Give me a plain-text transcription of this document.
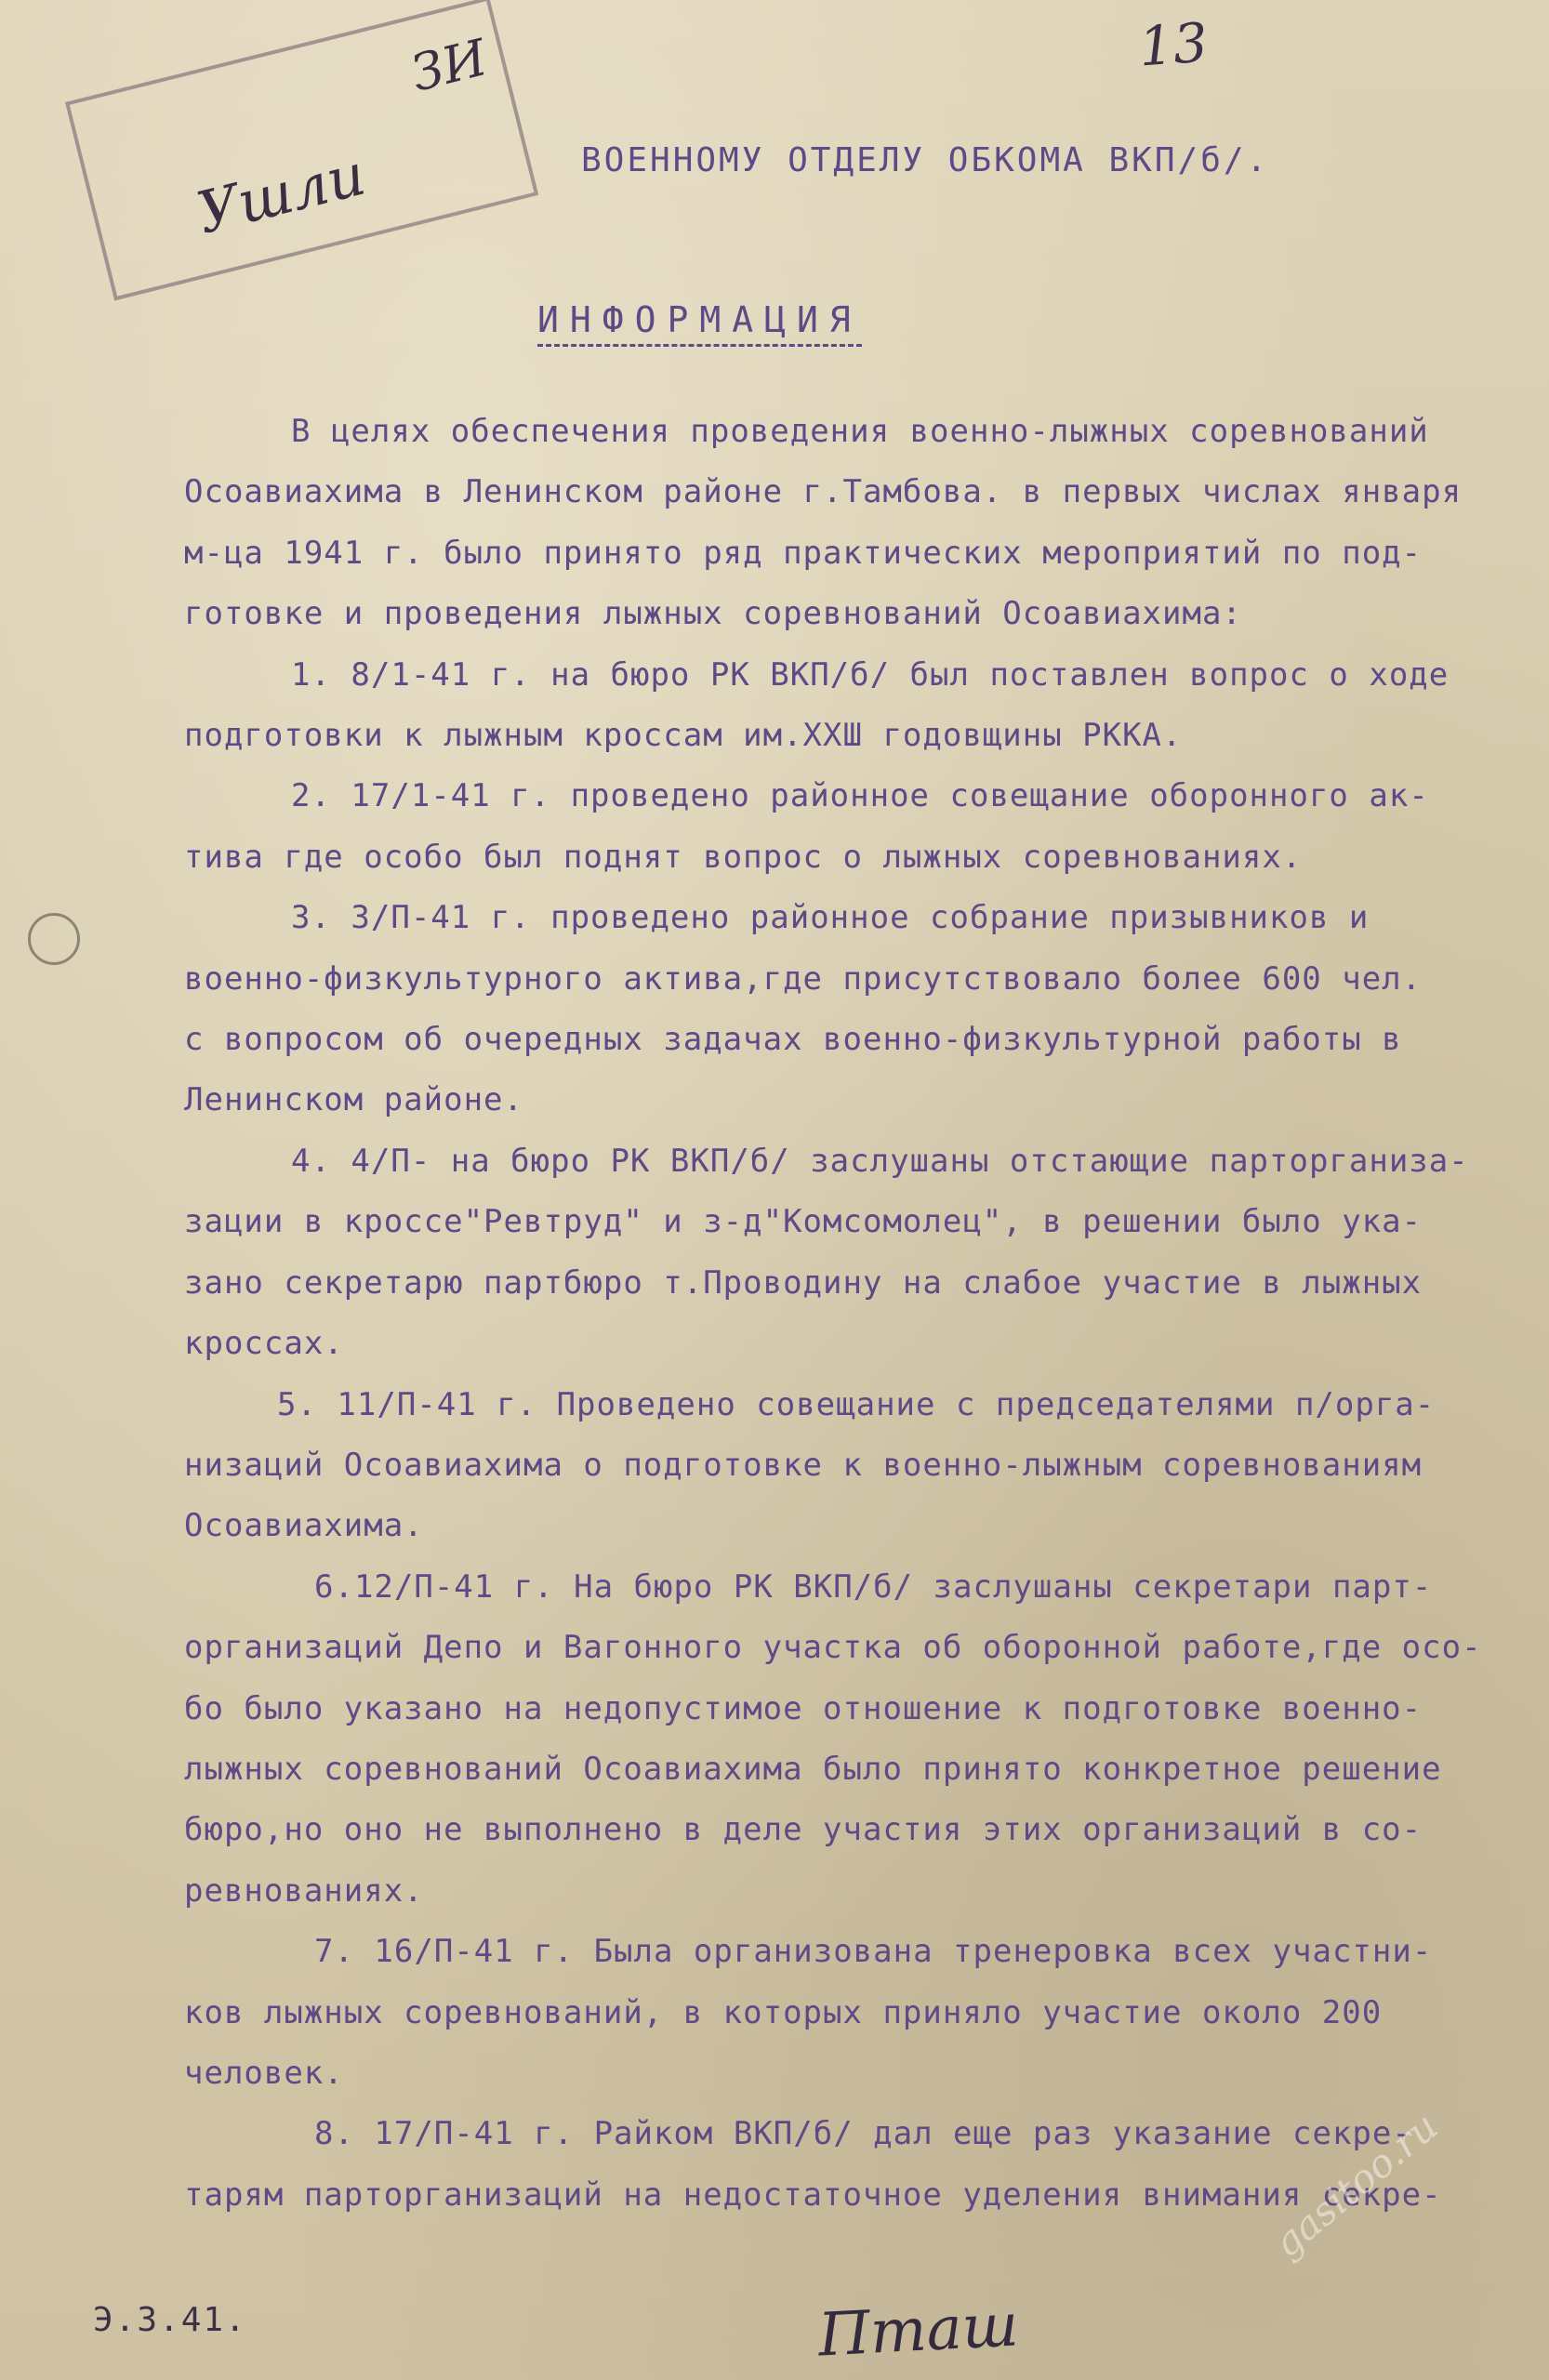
13
ЗИ
Ушли	ВОЕННОМУ ОТДЕЛУ ОБКОМА ВКП/б/.
ИНФОРМАЦИЯ
В целях обеспечения проведения военно-лыжных соревнований
Осоавиахима в Ленинском районе г.Тамбова. в первых числах января
м-ца 1941 г. было принято ряд практических мероприятий по под-
готовке и проведения лыжных соревнований Осоавиахима:
1. 8/1-41 г. на бюро РК ВКП/б/ был поставлен вопрос о ходе
подготовки к лыжным кроссам им.ХХШ годовщины РККА.
2. 17/1-41 г. проведено районное совещание оборонного ак-
тива где особо был поднят вопрос о лыжных соревнованиях.
3. 3/П-41 г. проведено районное собрание призывников и
военно-физкультурного актива,где присутствовало более 600 чел.
с вопросом об очередных задачах военно-физкультурной работы в
Ленинском районе.
4. 4/П- на бюро РК ВКП/б/ заслушаны отстающие парторганиза-
зации в кроссе"Ревтруд" и з-д"Комсомолец", в решении было ука-
зано секретарю партбюро т.Проводину на слабое участие в лыжных
кроссах.
5. 11/П-41 г. Проведено совещание с председателями п/орга-
низаций Осоавиахима о подготовке к военно-лыжным соревнованиям
Осоавиахима.
6.12/П-41 г. На бюро РК ВКП/б/ заслушаны секретари парт-
организаций Депо и Вагонного участка об оборонной работе,где осо-
бо было указано на недопустимое отношение к подготовке военно-
лыжных соревнований Осоавиахима было принято конкретное решение
бюро,но оно не выполнено в деле участия этих организаций в со-
ревнованиях.
7. 16/П-41 г. Была организована тренеровка всех участни-
ков лыжных соревнований, в которых приняло участие около 200
человек.
8. 17/П-41 г. Райком ВКП/б/ дал еще раз указание секре-
тарям парторганизаций на недостаточное уделения внимания секре-
Э.З.41.	Пташ
gasitoo.ru
